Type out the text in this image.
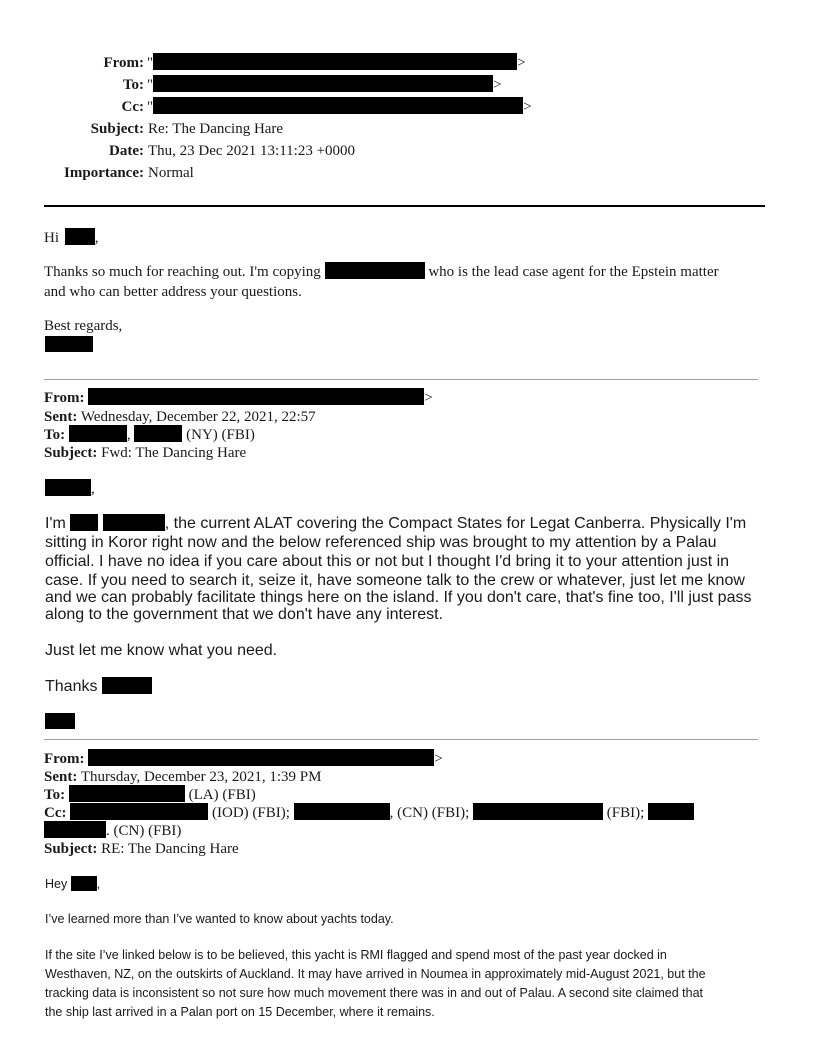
From: "	>
To: "	>
Cc: "	>
Subject: Re: The Dancing Hare
Date: Thu, 23 Dec 2021 13:11:23 +0000
Importance: Normal
Hi ,
Thanks so much for reaching out. I'm copying	who is the lead case agent for the Epstein matter
and who can better address your questions.
Best regards,
From:	>
Sent: Wednesday, December 22, 2021, 22:57
To:	,	(NY) (FBI)
Subject: Fwd: The Dancing Hare
,
I'm	, the current ALAT covering the Compact States for Legat Canberra. Physically I'm
sitting in Koror right now and the below referenced ship was brought to my attention by a Palau
official. I have no idea if you care about this or not but I thought I'd bring it to your attention just in
case. If you need to search it, seize it, have someone talk to the crew or whatever, just let me know
and we can probably facilitate things here on the island. If you don't care, that's fine too, I'll just pass
along to the government that we don't have any interest.
Just let me know what you need.
Thanks
From:	>
Sent: Thursday, December 23, 2021, 1:39 PM
To:	(LA) (FBI)
Cc:	(IOD) (FBI);	, (CN) (FBI);	(FBI);
. (CN) (FBI)
Subject: RE: The Dancing Hare
Hey ,
I’ve learned more than I’ve wanted to know about yachts today.
If the site I’ve linked below is to be believed, this yacht is RMI flagged and spend most of the past year docked in
Westhaven, NZ, on the outskirts of Auckland. It may have arrived in Noumea in approximately mid-August 2021, but the
tracking data is inconsistent so not sure how much movement there was in and out of Palau. A second site claimed that
the ship last arrived in a Palan port on 15 December, where it remains.
